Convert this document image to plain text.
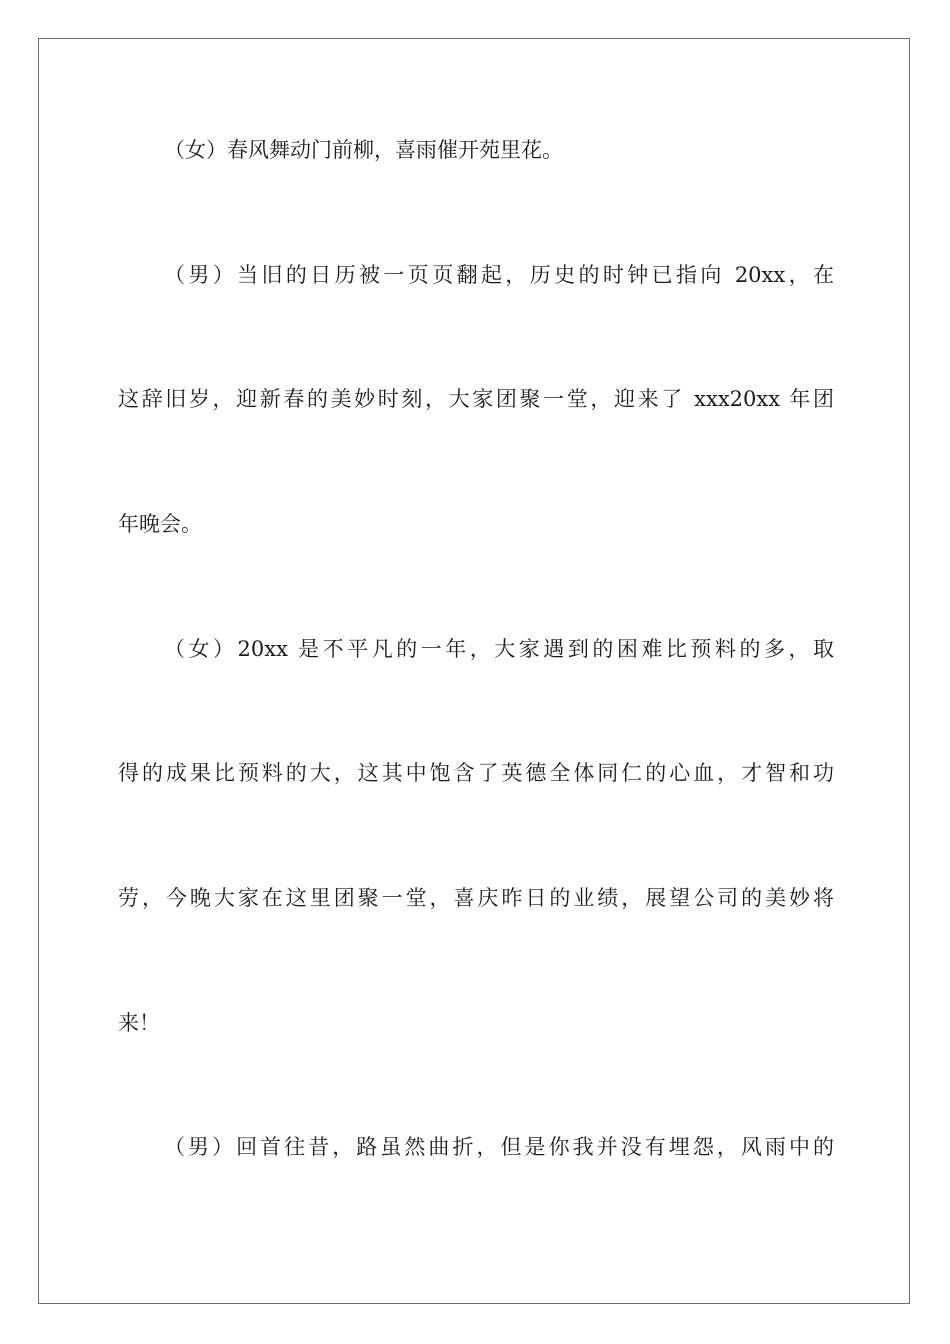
（女）春风舞动门前柳，喜雨催开苑里花。
（男）当旧的日历被一页页翻起，历史的时钟已指向 20xx，在
这辞旧岁，迎新春的美妙时刻，大家团聚一堂，迎来了 xxx20xx 年团
年晚会。
（女）20xx 是不平凡的一年，大家遇到的困难比预料的多，取
得的成果比预料的大，这其中饱含了英德全体同仁的心血，才智和功
劳，今晚大家在这里团聚一堂，喜庆昨日的业绩，展望公司的美妙将
来！
（男）回首往昔，路虽然曲折，但是你我并没有埋怨，风雨中的
